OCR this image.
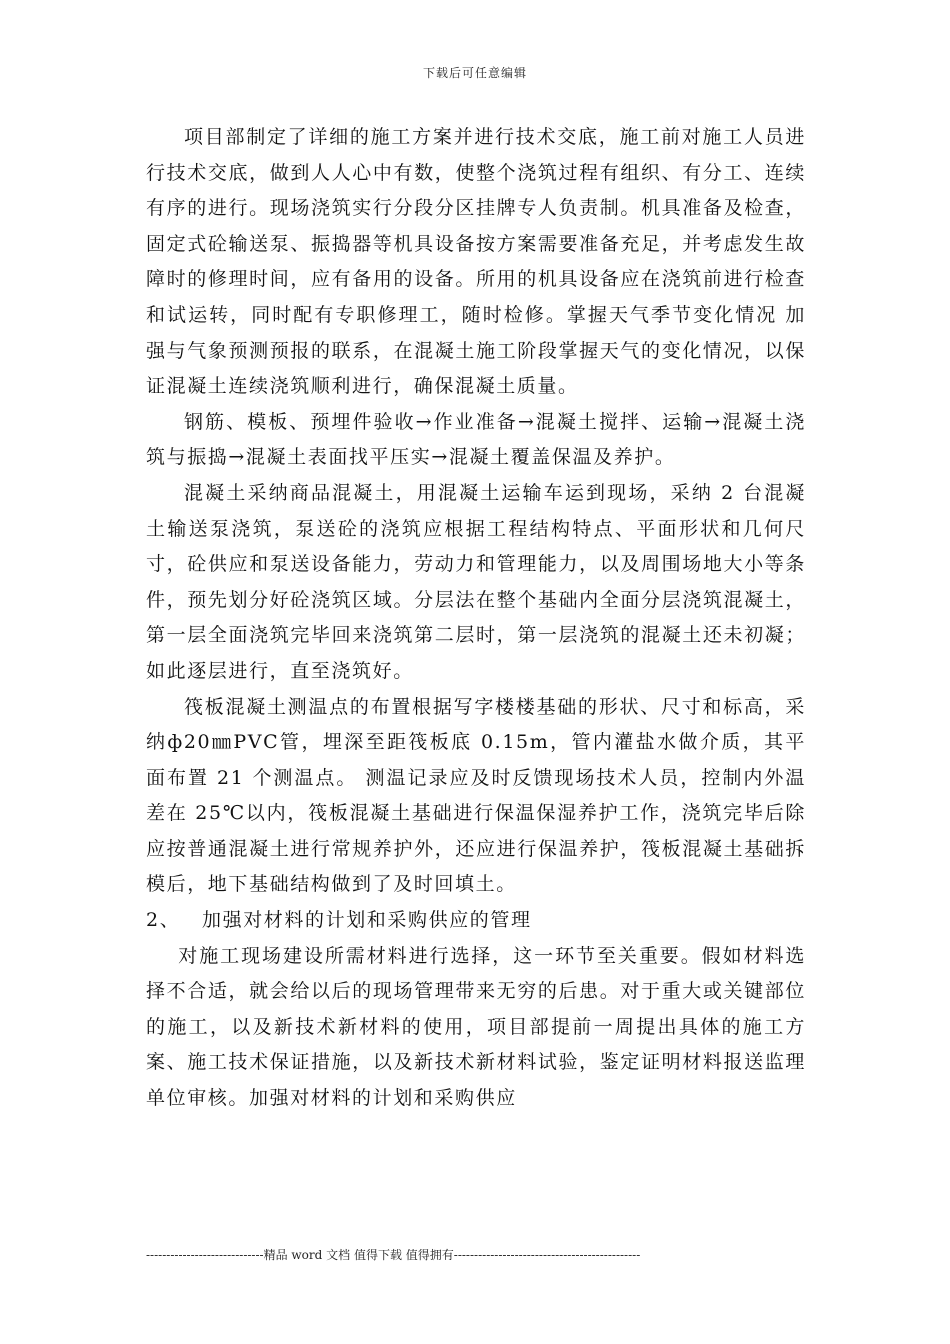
下载后可任意编辑

项目部制定了详细的施工方案并进行技术交底，施工前对施工人员进行技术交底，做到人人心中有数，使整个浇筑过程有组织、有分工、连续有序的进行。现场浇筑实行分段分区挂牌专人负责制。机具准备及检查，固定式砼输送泵、振捣器等机具设备按方案需要准备充足，并考虑发生故障时的修理时间，应有备用的设备。所用的机具设备应在浇筑前进行检查和试运转，同时配有专职修理工，随时检修。掌握天气季节变化情况 加强与气象预测预报的联系，在混凝土施工阶段掌握天气的变化情况，以保证混凝土连续浇筑顺利进行，确保混凝土质量。

钢筋、模板、预埋件验收→作业准备→混凝土搅拌、运输→混凝土浇筑与振捣→混凝土表面找平压实→混凝土覆盖保温及养护。

混凝土采纳商品混凝土，用混凝土运输车运到现场，采纳 2 台混凝土输送泵浇筑，泵送砼的浇筑应根据工程结构特点、平面形状和几何尺寸，砼供应和泵送设备能力，劳动力和管理能力，以及周围场地大小等条件，预先划分好砼浇筑区域。分层法在整个基础内全面分层浇筑混凝土，第一层全面浇筑完毕回来浇筑第二层时，第一层浇筑的混凝土还未初凝；如此逐层进行，直至浇筑好。

筏板混凝土测温点的布置根据写字楼楼基础的形状、尺寸和标高，采纳ф20㎜PVC管，埋深至距筏板底 0.15m，管内灌盐水做介质，其平面布置 21 个测温点。 测温记录应及时反馈现场技术人员，控制内外温差在 25℃以内，筏板混凝土基础进行保温保湿养护工作，浇筑完毕后除应按普通混凝土进行常规养护外，还应进行保温养护，筏板混凝土基础拆模后，地下基础结构做到了及时回填土。

2、 加强对材料的计划和采购供应的管理

对施工现场建设所需材料进行选择，这一环节至关重要。假如材料选择不合适，就会给以后的现场管理带来无穷的后患。对于重大或关键部位的施工，以及新技术新材料的使用，项目部提前一周提出具体的施工方案、施工技术保证措施，以及新技术新材料试验，鉴定证明材料报送监理单位审核。加强对材料的计划和采购供应

-----------------------------精品 word 文档 值得下载 值得拥有----------------------------------------------
